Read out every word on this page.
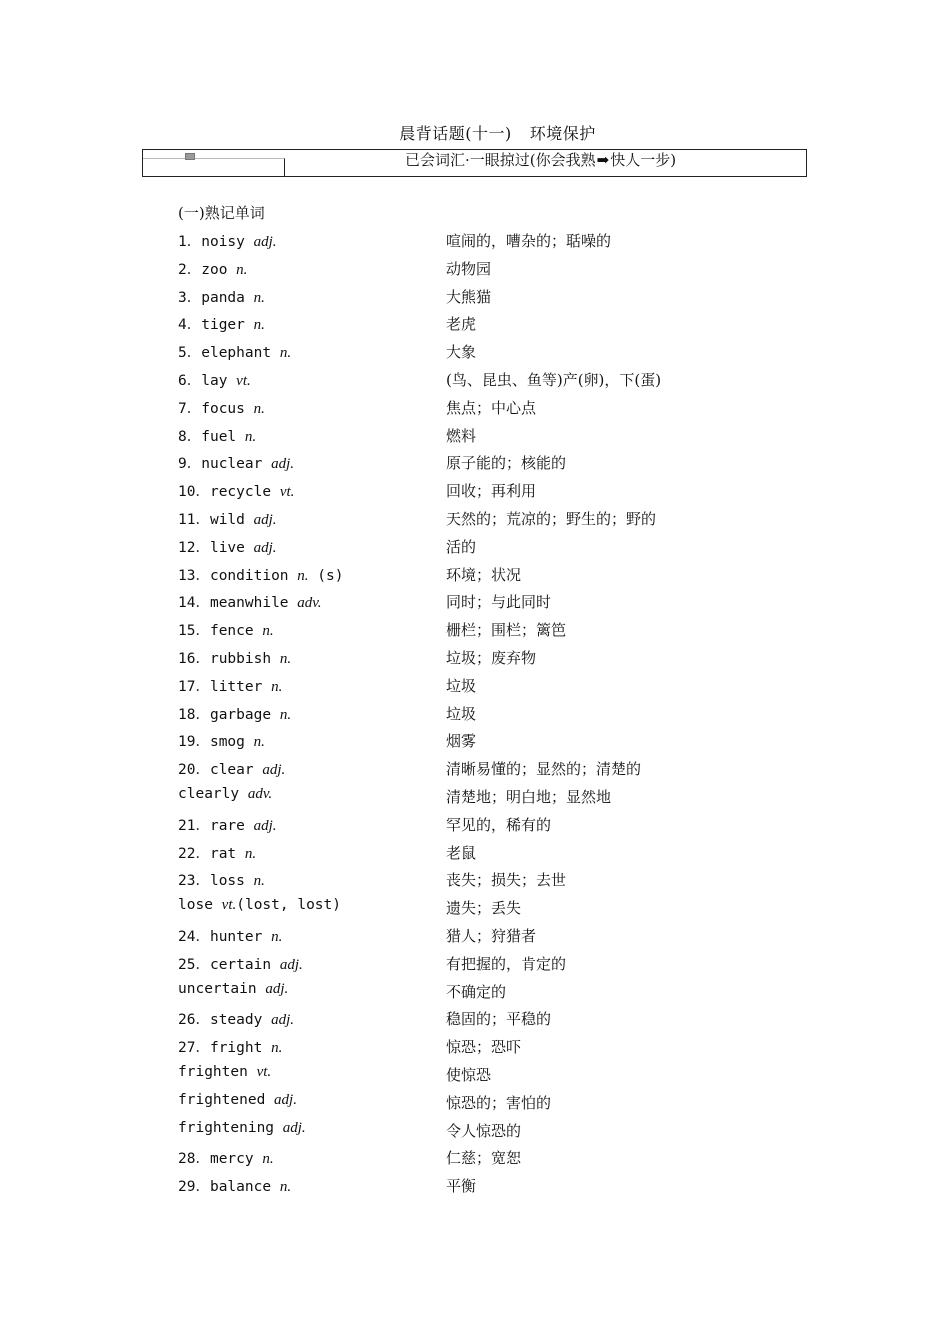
晨背话题(十一) 环境保护
已会词汇·一眼掠过(你会我熟➡快人一步)
(一)熟记单词
1．noisy adj.	喧闹的，嘈杂的；聒噪的
2．zoo n.	动物园
3．panda n.	大熊猫
4．tiger n.	老虎
5．elephant n.	大象
6．lay vt.	(鸟、昆虫、鱼等)产(卵)，下(蛋)
7．focus n.	焦点；中心点
8．fuel n.	燃料
9．nuclear adj.	原子能的；核能的
10．recycle vt.	回收；再利用
11．wild adj.	天然的；荒凉的；野生的；野的
12．live adj.	活的
13．condition n. (s)	环境；状况
14．meanwhile adv.	同时；与此同时
15．fence n.	栅栏；围栏；篱笆
16．rubbish n.	垃圾；废弃物
17．litter n.	垃圾
18．garbage n.	垃圾
19．smog n.	烟雾
20．clear adj.	清晰易懂的；显然的；清楚的
clearly adv.	清楚地；明白地；显然地
21．rare adj.	罕见的，稀有的
22．rat n.	老鼠
23．loss n.	丧失；损失；去世
lose vt.(lost, lost)	遗失；丢失
24．hunter n.	猎人；狩猎者
25．certain adj.	有把握的，肯定的
uncertain adj.	不确定的
26．steady adj.	稳固的；平稳的
27．fright n.	惊恐；恐吓
frighten vt.	使惊恐
frightened adj.	惊恐的；害怕的
frightening adj.	令人惊恐的
28．mercy n.	仁慈；宽恕
29．balance n.	平衡
